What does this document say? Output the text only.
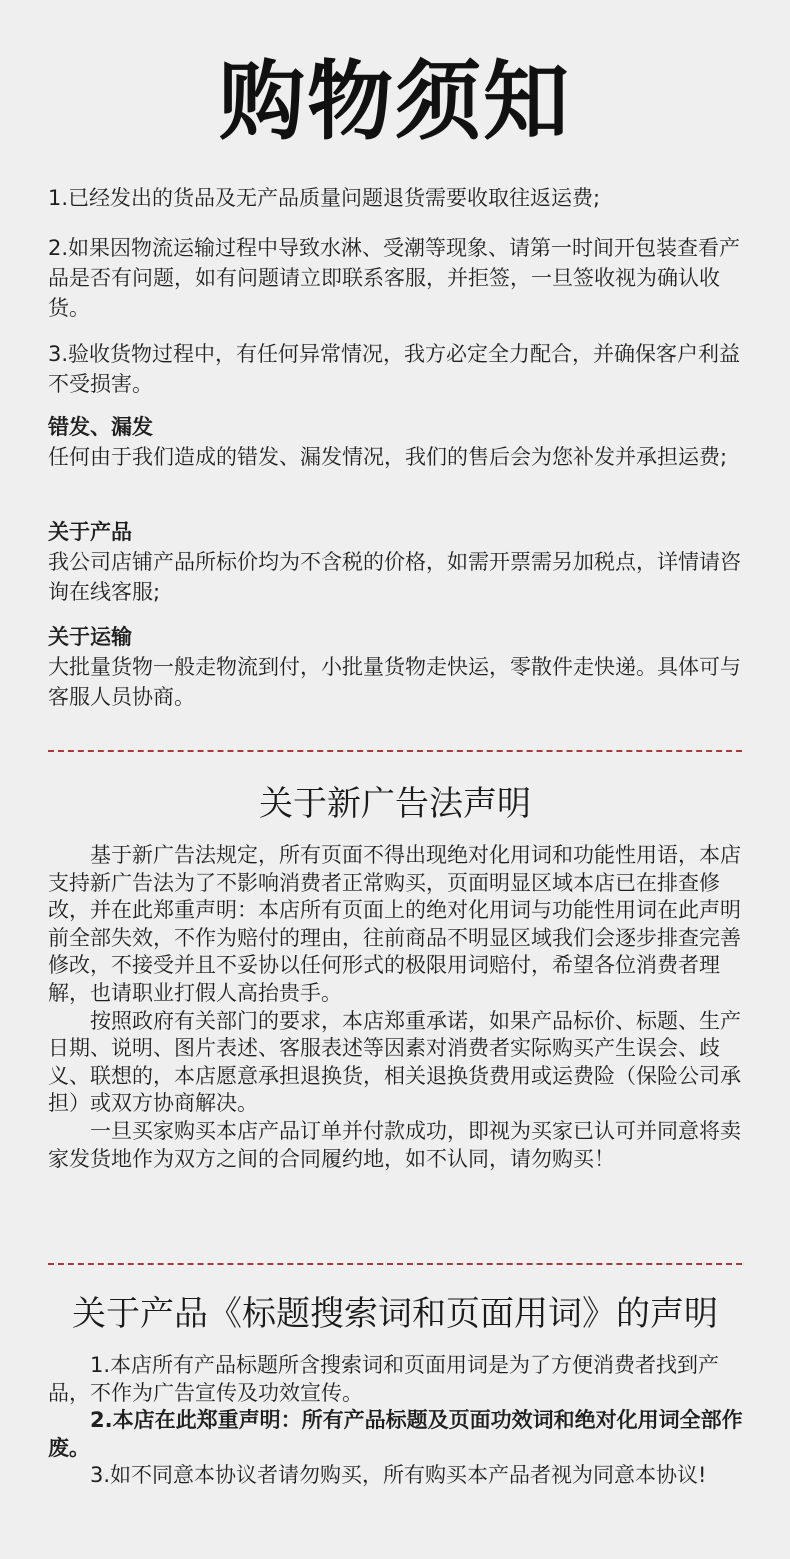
购物须知

1.已经发出的货品及无产品质量问题退货需要收取往返运费;

2.如果因物流运输过程中导致水淋、受潮等现象、请第一时间开包装查看产品是否有问题，如有问题请立即联系客服，并拒签，一旦签收视为确认收货。

3.验收货物过程中，有任何异常情况，我方必定全力配合，并确保客户利益不受损害。

错发、漏发

任何由于我们造成的错发、漏发情况，我们的售后会为您补发并承担运费;

关于产品

我公司店铺产品所标价均为不含税的价格，如需开票需另加税点，详情请咨询在线客服;

关于运输

大批量货物一般走物流到付，小批量货物走快运，零散件走快递。具体可与客服人员协商。

关于新广告法声明

基于新广告法规定，所有页面不得出现绝对化用词和功能性用语，本店支持新广告法为了不影响消费者正常购买，页面明显区域本店已在排查修改，并在此郑重声明：本店所有页面上的绝对化用词与功能性用词在此声明前全部失效，不作为赔付的理由，往前商品不明显区域我们会逐步排查完善修改，不接受并且不妥协以任何形式的极限用词赔付，希望各位消费者理解，也请职业打假人高抬贵手。

按照政府有关部门的要求，本店郑重承诺，如果产品标价、标题、生产日期、说明、图片表述、客服表述等因素对消费者实际购买产生误会、歧义、联想的，本店愿意承担退换货，相关退换货费用或运费险（保险公司承担）或双方协商解决。

一旦买家购买本店产品订单并付款成功，即视为买家已认可并同意将卖家发货地作为双方之间的合同履约地，如不认同，请勿购买！

关于产品《标题搜索词和页面用词》的声明

1.本店所有产品标题所含搜索词和页面用词是为了方便消费者找到产品，不作为广告宣传及功效宣传。

2.本店在此郑重声明：所有产品标题及页面功效词和绝对化用词全部作废。

3.如不同意本协议者请勿购买，所有购买本产品者视为同意本协议!
